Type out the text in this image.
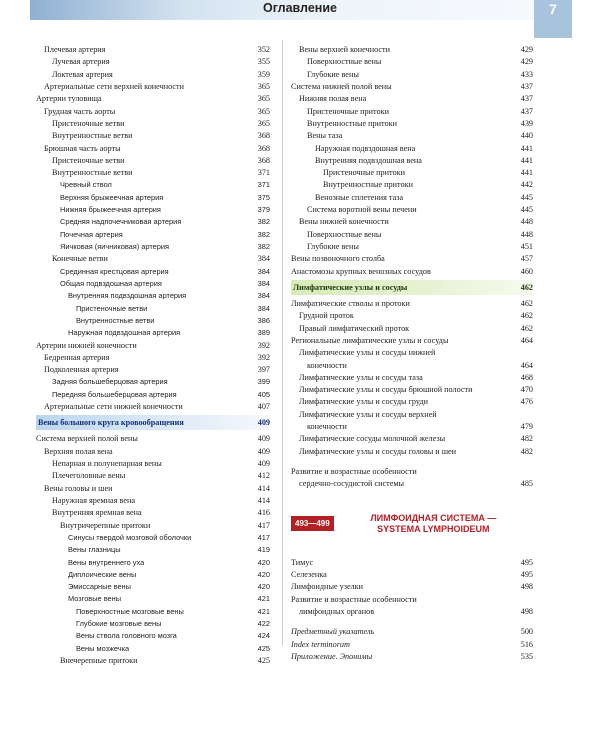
Оглавление	7
Плечевая артерия	352
Лучевая артерия	355
Локтевая артерия	359
Артериальные сети верхней конечности	365
Артерии туловища	365
Грудная часть аорты	365
Пристеночные ветви	365
Внутренностные ветви	368
Брюшная часть аорты	368
Пристеночные ветви	368
Внутренностные ветви	371
Чревный ствол	371
Верхняя брыжеечная артерия	375
Нижняя брыжеечная артерия	379
Средняя надпочечниковая артерия	382
Почечная артерия	382
Яичковая (яичниковая) артерия	382
Конечные ветви	384
Срединная крестцовая артерия	384
Общая подвздошная артерия	384
Внутренняя подвздошная артерия	384
Пристеночные ветви	384
Внутренностные ветви	386
Наружная подвздошная артерия	389
Артерии нижней конечности	392
Бедренная артерия	392
Подколенная артерия	397
Задняя большеберцовая артерия	399
Передняя большеберцовая артерия	405
Артериальные сети нижней конечности	407
Вены большого круга кровообращения	409
Система верхней полой вены	409
Верхняя полая вена	409
Непарная и полунепарная вены	409
Плечеголовные вены	412
Вены головы и шеи	414
Наружная яремная вена	414
Внутренняя яремная вена	416
Внутричерепные притоки	417
Синусы твердой мозговой оболочки	417
Вены глазницы	419
Вены внутреннего уха	420
Диплоические вены	420
Эмиссарные вены	420
Мозговые вены	421
Поверхностные мозговые вены	421
Глубокие мозговые вены	422
Вены ствола головного мозга	424
Вены мозжечка	425
Внечерепные притоки	425
Вены верхней конечности	429
Поверхностные вены	429
Глубокие вены	433
Система нижней полой вены	437
Нижняя полая вена	437
Пристеночные притоки	437
Внутренностные притоки	439
Вены таза	440
Наружная подвздошная вена	441
Внутренняя подвздошная вена	441
Пристеночные притоки	441
Внутренностные притоки	442
Венозные сплетения таза	445
Система воротной вены печени	445
Вены нижней конечности	448
Поверхностные вены	448
Глубокие вены	451
Вены позвоночного столба	457
Анастомозы крупных венозных сосудов	460
Лимфатические узлы и сосуды	462
Лимфатические стволы и протоки	462
Грудной проток	462
Правый лимфатический проток	462
Региональные лимфатические узлы и сосуды	464
Лимфатические узлы и сосуды нижней
конечности	464
Лимфатические узлы и сосуды таза	468
Лимфатические узлы и сосуды брюшной полости	470
Лимфатические узлы и сосуды груди	476
Лимфатические узлы и сосуды верхней
конечности	479
Лимфатические сосуды молочной железы	482
Лимфатические узлы и сосуды головы и шеи	482
Развитие и возрастные особенности
сердечно-сосудистой системы	485
493—499
ЛИМФОИДНАЯ СИСТЕМА —
SYSTEMA LYMPHOIDEUM
Тимус	495
Селезенка	495
Лимфоидные узелки	498
Развитие и возрастные особенности
лимфоидных органов	498
Предметный указатель	500
Index terminorum	516
Приложение. Эпонимы	535
